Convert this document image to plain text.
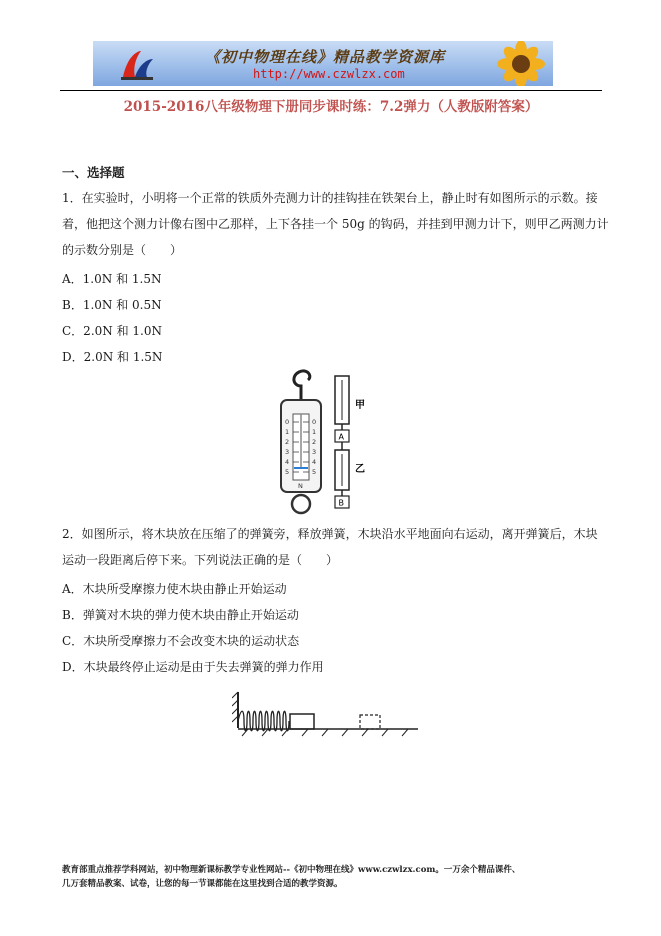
《初中物理在线》精品教学资源库
http://www.czwlzx.com
2015-2016八年级物理下册同步课时练：7.2弹力（人教版附答案）
一、选择题
1．在实验时，小明将一个正常的铁质外壳测力计的挂钩挂在铁架台上，静止时有如图所示的示数。接
着，他把这个测力计像右图中乙那样，上下各挂一个 50g 的钩码，并挂到甲测力计下，则甲乙两测力计
的示数分别是（　　）
A．1.0N 和 1.5N
B．1.0N 和 0.5N
C．2.0N 和 1.0N
D．2.0N 和 1.5N
0
1
2
3
4
5
0
1
2
3
4
5
N
甲
A
乙
B
2．如图所示，将木块放在压缩了的弹簧旁，释放弹簧，木块沿水平地面向右运动，离开弹簧后，木块
运动一段距离后停下来。下列说法正确的是（　　）
A．木块所受摩擦力使木块由静止开始运动
B．弹簧对木块的弹力使木块由静止开始运动
C．木块所受摩擦力不会改变木块的运动状态
D．木块最终停止运动是由于失去弹簧的弹力作用
教育部重点推荐学科网站，初中物理新课标教学专业性网站--《初中物理在线》www.czwlzx.com。一万余个精品课件、
几万套精品教案、试卷，让您的每一节课都能在这里找到合适的教学资源。
